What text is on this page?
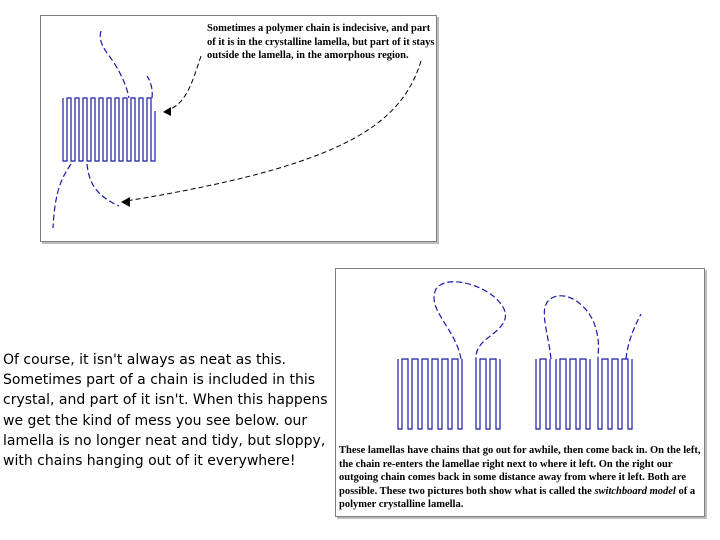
Sometimes a polymer chain is indecisive, and part of it is in the crystalline lamella, but part of it stays outside the lamella, in the amorphous region.
These lamellas have chains that go out for awhile, then come back in. On the left, the chain re-enters the lamellae right next to where it left. On the right our outgoing chain comes back in some distance away from where it left. Both are possible. These two pictures both show what is called the switchboard model of a polymer crystalline lamella.
Of course, it isn't always as neat as this. Sometimes part of a chain is included in this crystal, and part of it isn't. When this happens we get the kind of mess you see below. our lamella is no longer neat and tidy, but sloppy, with chains hanging out of it everywhere!
